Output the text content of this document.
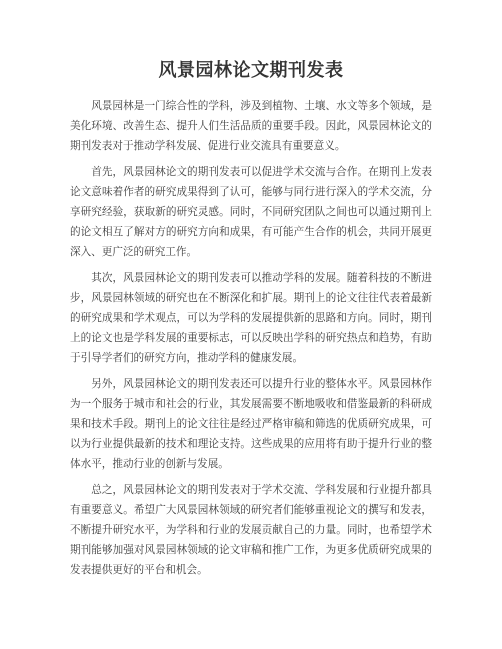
风景园林论文期刊发表

风景园林是一门综合性的学科，涉及到植物、土壤、水文等多个领域，是美化环境、改善生态、提升人们生活品质的重要手段。因此，风景园林论文的期刊发表对于推动学科发展、促进行业交流具有重要意义。

首先，风景园林论文的期刊发表可以促进学术交流与合作。在期刊上发表论文意味着作者的研究成果得到了认可，能够与同行进行深入的学术交流，分享研究经验，获取新的研究灵感。同时，不同研究团队之间也可以通过期刊上的论文相互了解对方的研究方向和成果，有可能产生合作的机会，共同开展更深入、更广泛的研究工作。

其次，风景园林论文的期刊发表可以推动学科的发展。随着科技的不断进步，风景园林领域的研究也在不断深化和扩展。期刊上的论文往往代表着最新的研究成果和学术观点，可以为学科的发展提供新的思路和方向。同时，期刊上的论文也是学科发展的重要标志，可以反映出学科的研究热点和趋势，有助于引导学者们的研究方向，推动学科的健康发展。

另外，风景园林论文的期刊发表还可以提升行业的整体水平。风景园林作为一个服务于城市和社会的行业，其发展需要不断地吸收和借鉴最新的科研成果和技术手段。期刊上的论文往往是经过严格审稿和筛选的优质研究成果，可以为行业提供最新的技术和理论支持。这些成果的应用将有助于提升行业的整体水平，推动行业的创新与发展。

总之，风景园林论文的期刊发表对于学术交流、学科发展和行业提升都具有重要意义。希望广大风景园林领域的研究者们能够重视论文的撰写和发表，不断提升研究水平，为学科和行业的发展贡献自己的力量。同时，也希望学术期刊能够加强对风景园林领域的论文审稿和推广工作，为更多优质研究成果的发表提供更好的平台和机会。
